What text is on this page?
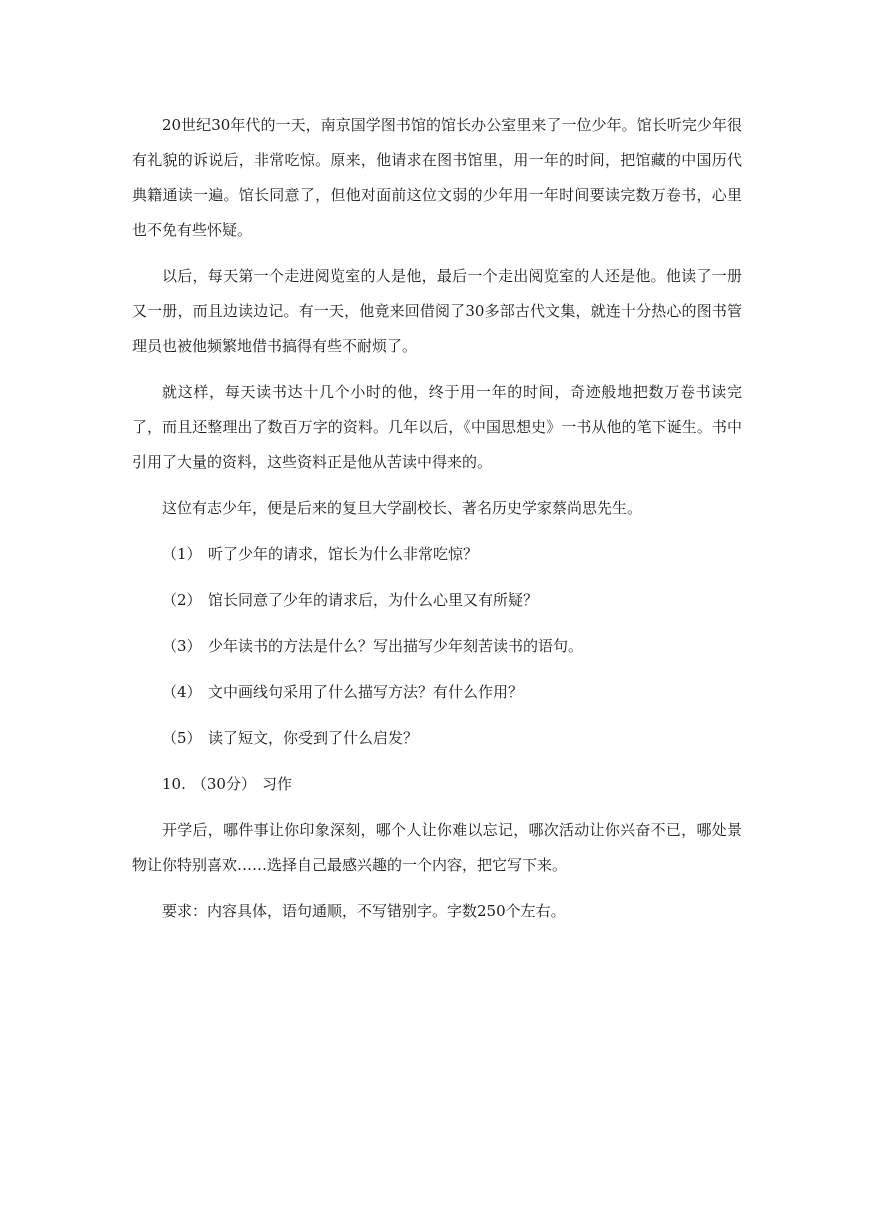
20世纪30年代的一天，南京国学图书馆的馆长办公室里来了一位少年。馆长听完少年很有礼貌的诉说后，非常吃惊。原来，他请求在图书馆里，用一年的时间，把馆藏的中国历代典籍通读一遍。馆长同意了，但他对面前这位文弱的少年用一年时间要读完数万卷书，心里也不免有些怀疑。

以后，每天第一个走进阅览室的人是他，最后一个走出阅览室的人还是他。他读了一册又一册，而且边读边记。有一天，他竟来回借阅了30多部古代文集，就连十分热心的图书管理员也被他频繁地借书搞得有些不耐烦了。

就这样，每天读书达十几个小时的他，终于用一年的时间，奇迹般地把数万卷书读完了，而且还整理出了数百万字的资料。几年以后，《中国思想史》一书从他的笔下诞生。书中引用了大量的资料，这些资料正是他从苦读中得来的。

这位有志少年，便是后来的复旦大学副校长、著名历史学家蔡尚思先生。

（1） 听了少年的请求，馆长为什么非常吃惊？
（2） 馆长同意了少年的请求后，为什么心里又有所疑？
（3） 少年读书的方法是什么？写出描写少年刻苦读书的语句。
（4） 文中画线句采用了什么描写方法？有什么作用？
（5） 读了短文，你受到了什么启发？
10. （30分） 习作

开学后，哪件事让你印象深刻，哪个人让你难以忘记，哪次活动让你兴奋不已，哪处景物让你特别喜欢……选择自己最感兴趣的一个内容，把它写下来。

要求：内容具体，语句通顺，不写错别字。字数250个左右。
